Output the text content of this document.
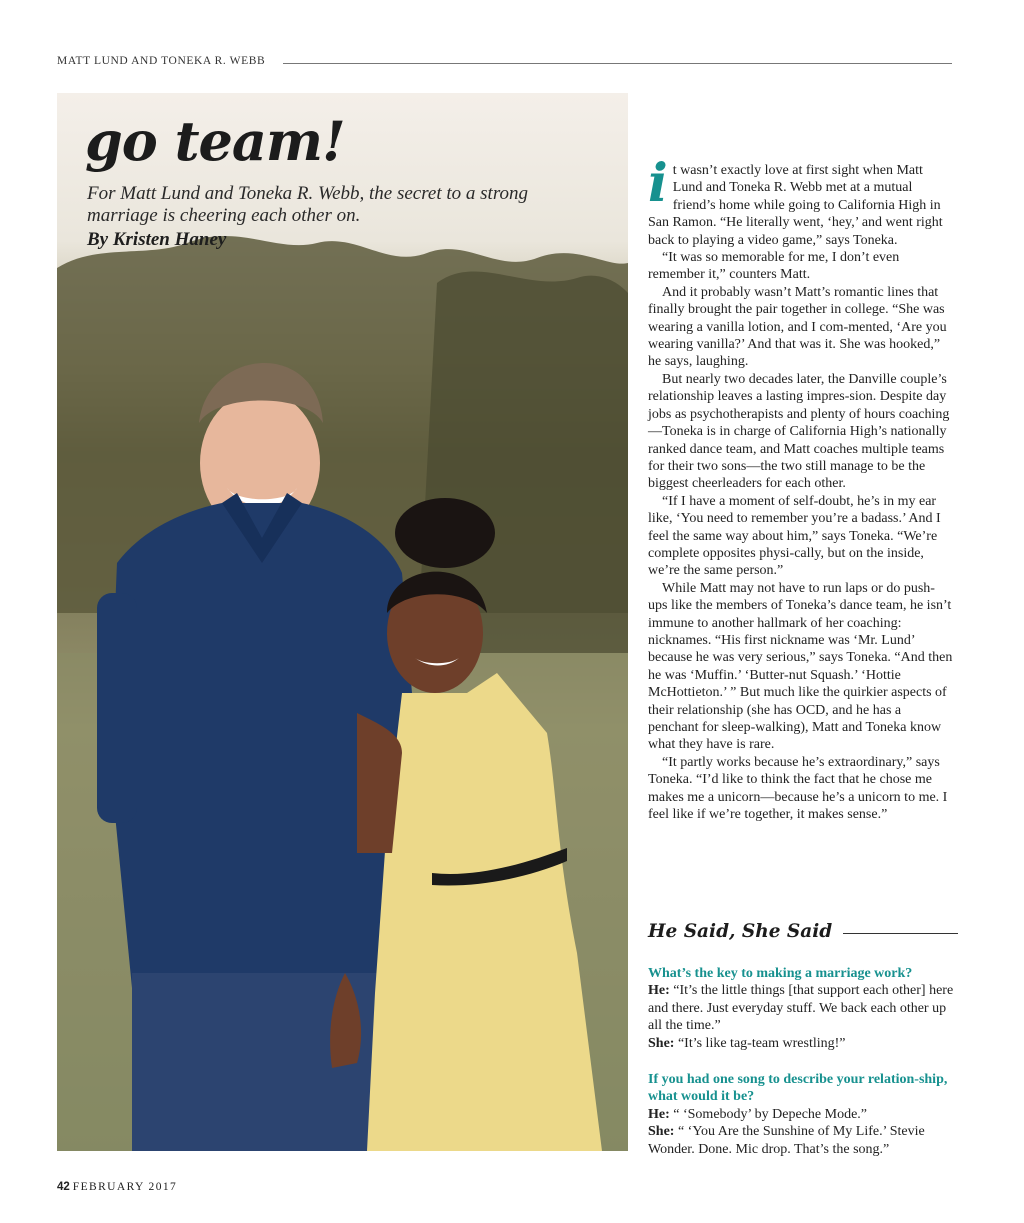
MATT LUND AND TONEKA R. WEBB
go team!

For Matt Lund and Toneka R. Webb, the secret to a strong marriage is cheering each other on.

By Kristen Haney

it wasn’t exactly love at first sight when Matt Lund and Toneka R. Webb met at a mutual friend’s home while going to California High in San Ramon. “He literally went, ‘hey,’ and went right back to playing a video game,” says Toneka.

“It was so memorable for me, I don’t even remember it,” counters Matt.

And it probably wasn’t Matt’s romantic lines that finally brought the pair together in college. “She was wearing a vanilla lotion, and I com-mented, ‘Are you wearing vanilla?’ And that was it. She was hooked,” he says, laughing.

But nearly two decades later, the Danville couple’s relationship leaves a lasting impres-sion. Despite day jobs as psychotherapists and plenty of hours coaching—Toneka is in charge of California High’s nationally ranked dance team, and Matt coaches multiple teams for their two sons—the two still manage to be the biggest cheerleaders for each other.

“If I have a moment of self-doubt, he’s in my ear like, ‘You need to remember you’re a badass.’ And I feel the same way about him,” says Toneka. “We’re complete opposites physi-cally, but on the inside, we’re the same person.”

While Matt may not have to run laps or do push-ups like the members of Toneka’s dance team, he isn’t immune to another hallmark of her coaching: nicknames. “His first nickname was ‘Mr. Lund’ because he was very serious,” says Toneka. “And then he was ‘Muffin.’ ‘Butter-nut Squash.’ ‘Hottie McHottieton.’ ” But much like the quirkier aspects of their relationship (she has OCD, and he has a penchant for sleep-walking), Matt and Toneka know what they have is rare.

“It partly works because he’s extraordinary,” says Toneka. “I’d like to think the fact that he chose me makes me a unicorn—because he’s a unicorn to me. I feel like if we’re together, it makes sense.”

He Said, She Said

What’s the key to making a marriage work?

He: “It’s the little things [that support each other] here and there. Just everyday stuff. We back each other up all the time.”

She: “It’s like tag-team wrestling!”

If you had one song to describe your relation-ship, what would it be?

He: “ ‘Somebody’ by Depeche Mode.”

She: “ ‘You Are the Sunshine of My Life.’ Stevie Wonder. Done. Mic drop. That’s the song.”

42 FEBRUARY 2017
